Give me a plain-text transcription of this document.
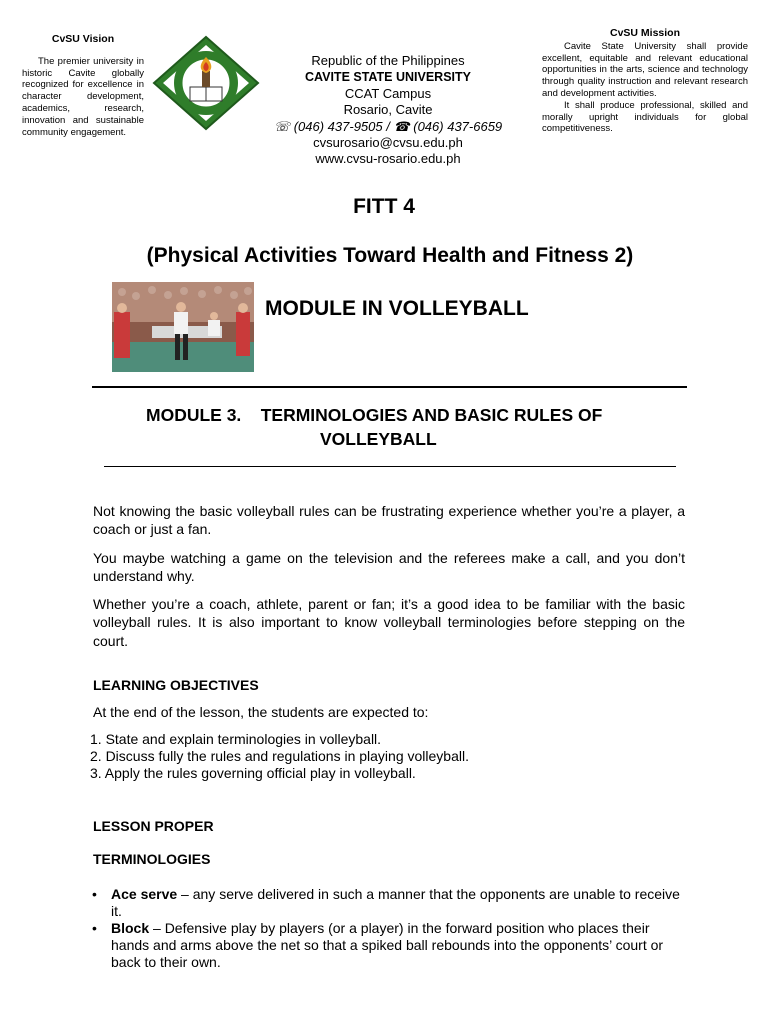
CvSU Vision
The premier university in historic Cavite globally recognized for excellence in character development, academics, research, innovation and sustainable community engagement.
Republic of the Philippines
CAVITE STATE UNIVERSITY
CCAT Campus
Rosario, Cavite
☏ (046) 437-9505 / ☎ (046) 437-6659
cvsurosario@cvsu.edu.ph
www.cvsu-rosario.edu.ph
CvSU Mission

Cavite State University shall provide excellent, equitable and relevant educational opportunities in the arts, science and technology through quality instruction and relevant research and development activities.

It shall produce professional, skilled and morally upright individuals for global competitiveness.

FITT 4
(Physical Activities Toward Health and Fitness 2)
MODULE IN VOLLEYBALL
MODULE 3.    TERMINOLOGIES AND BASIC RULES OF
VOLLEYBALL
Not knowing the basic volleyball rules can be frustrating experience whether you’re a player, a coach or just a fan.
You maybe watching a game on the television and the referees make a call, and you don’t understand why.
Whether you’re a coach, athlete, parent or fan; it’s a good idea to be familiar with the basic volleyball rules. It is also important to know volleyball terminologies before stepping on the court.
LEARNING OBJECTIVES
At the end of the lesson, the students are expected to:
1. State and explain terminologies in volleyball.
2. Discuss fully the rules and regulations in playing volleyball.
3. Apply the rules governing official play in volleyball.
LESSON PROPER
TERMINOLOGIES
•	Ace serve – any serve delivered in such a manner that the opponents are unable to receive it.
•	Block – Defensive play by players (or a player) in the forward position who places their hands and arms above the net so that a spiked ball rebounds into the opponents’ court or back to their own.
